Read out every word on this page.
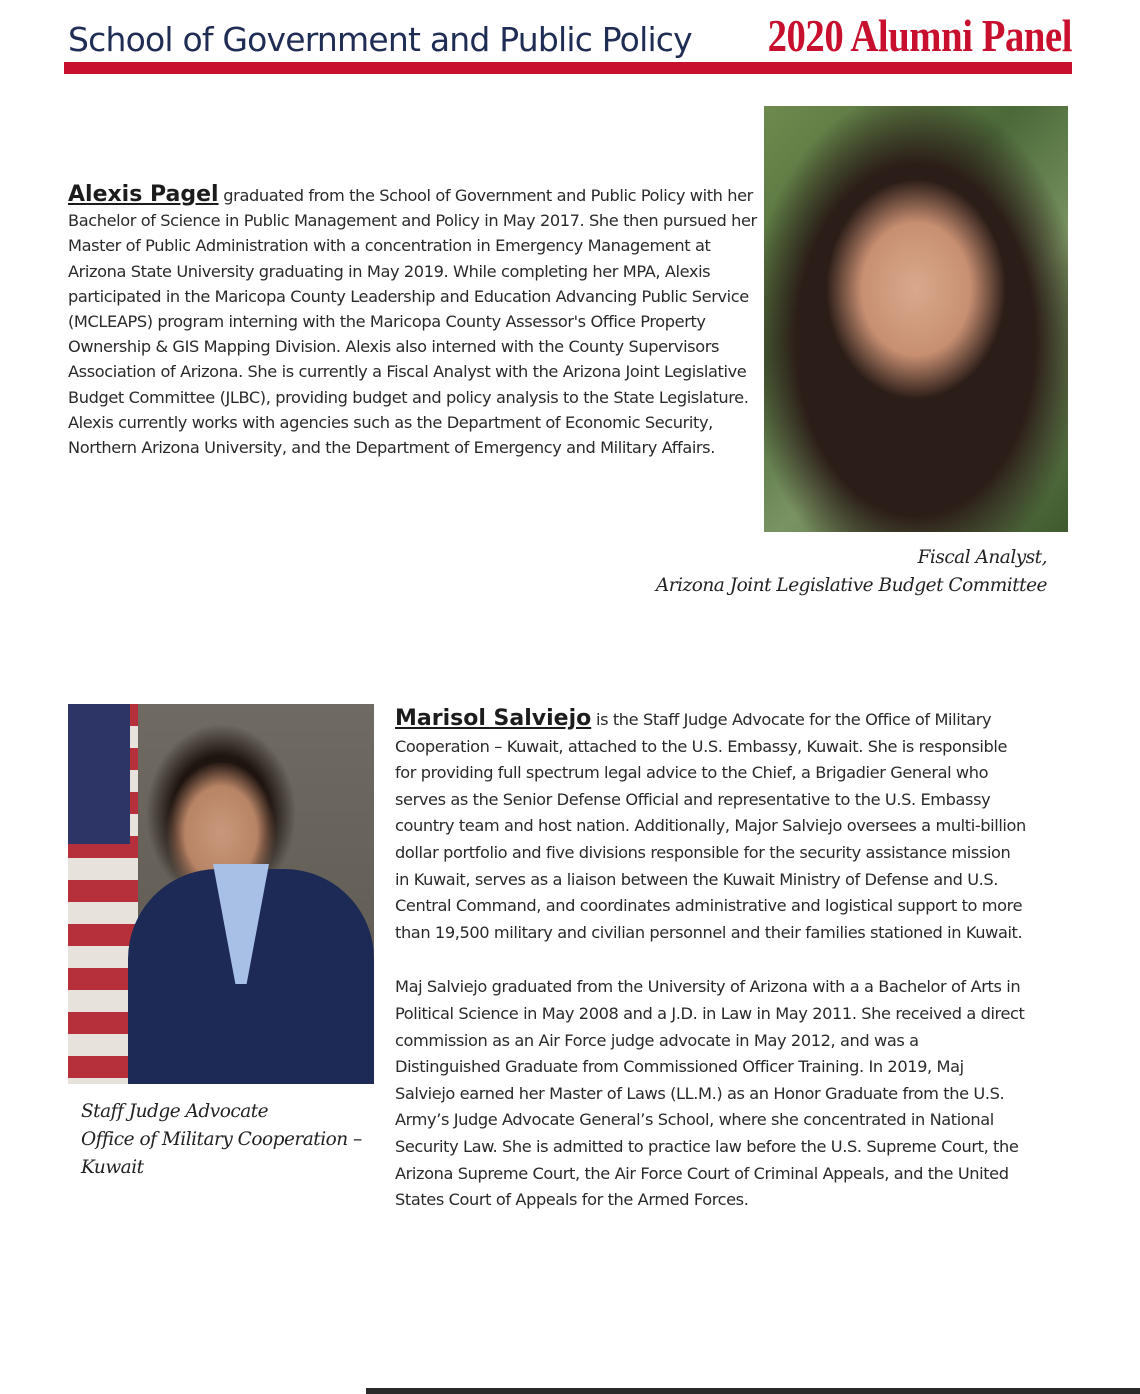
School of Government and Public Policy 2020 Alumni Panel
Alexis Pagel graduated from the School of Government and Public Policy with her Bachelor of Science in Public Management and Policy in May 2017. She then pursued her Master of Public Administration with a concentration in Emergency Management at Arizona State University graduating in May 2019. While completing her MPA, Alexis participated in the Maricopa County Leadership and Education Advancing Public Service (MCLEAPS) program interning with the Maricopa County Assessor's Office Property Ownership & GIS Mapping Division. Alexis also interned with the County Supervisors Association of Arizona. She is currently a Fiscal Analyst with the Arizona Joint Legislative Budget Committee (JLBC), providing budget and policy analysis to the State Legislature. Alexis currently works with agencies such as the Department of Economic Security, Northern Arizona University, and the Department of Emergency and Military Affairs.
Fiscal Analyst,
Arizona Joint Legislative Budget Committee

Marisol Salviejo is the Staff Judge Advocate for the Office of Military Cooperation – Kuwait, attached to the U.S. Embassy, Kuwait. She is responsible for providing full spectrum legal advice to the Chief, a Brigadier General who serves as the Senior Defense Official and representative to the U.S. Embassy country team and host nation. Additionally, Major Salviejo oversees a multi-billion dollar portfolio and five divisions responsible for the security assistance mission in Kuwait, serves as a liaison between the Kuwait Ministry of Defense and U.S. Central Command, and coordinates administrative and logistical support to more than 19,500 military and civilian personnel and their families stationed in Kuwait.

Maj Salviejo graduated from the University of Arizona with a a Bachelor of Arts in Political Science in May 2008 and a J.D. in Law in May 2011. She received a direct commission as an Air Force judge advocate in May 2012, and was a Distinguished Graduate from Commissioned Officer Training. In 2019, Maj Salviejo earned her Master of Laws (LL.M.) as an Honor Graduate from the U.S. Army’s Judge Advocate General’s School, where she concentrated in National Security Law. She is admitted to practice law before the U.S. Supreme Court, the Arizona Supreme Court, the Air Force Court of Criminal Appeals, and the United States Court of Appeals for the Armed Forces.

Staff Judge Advocate
Office of Military Cooperation –
Kuwait
